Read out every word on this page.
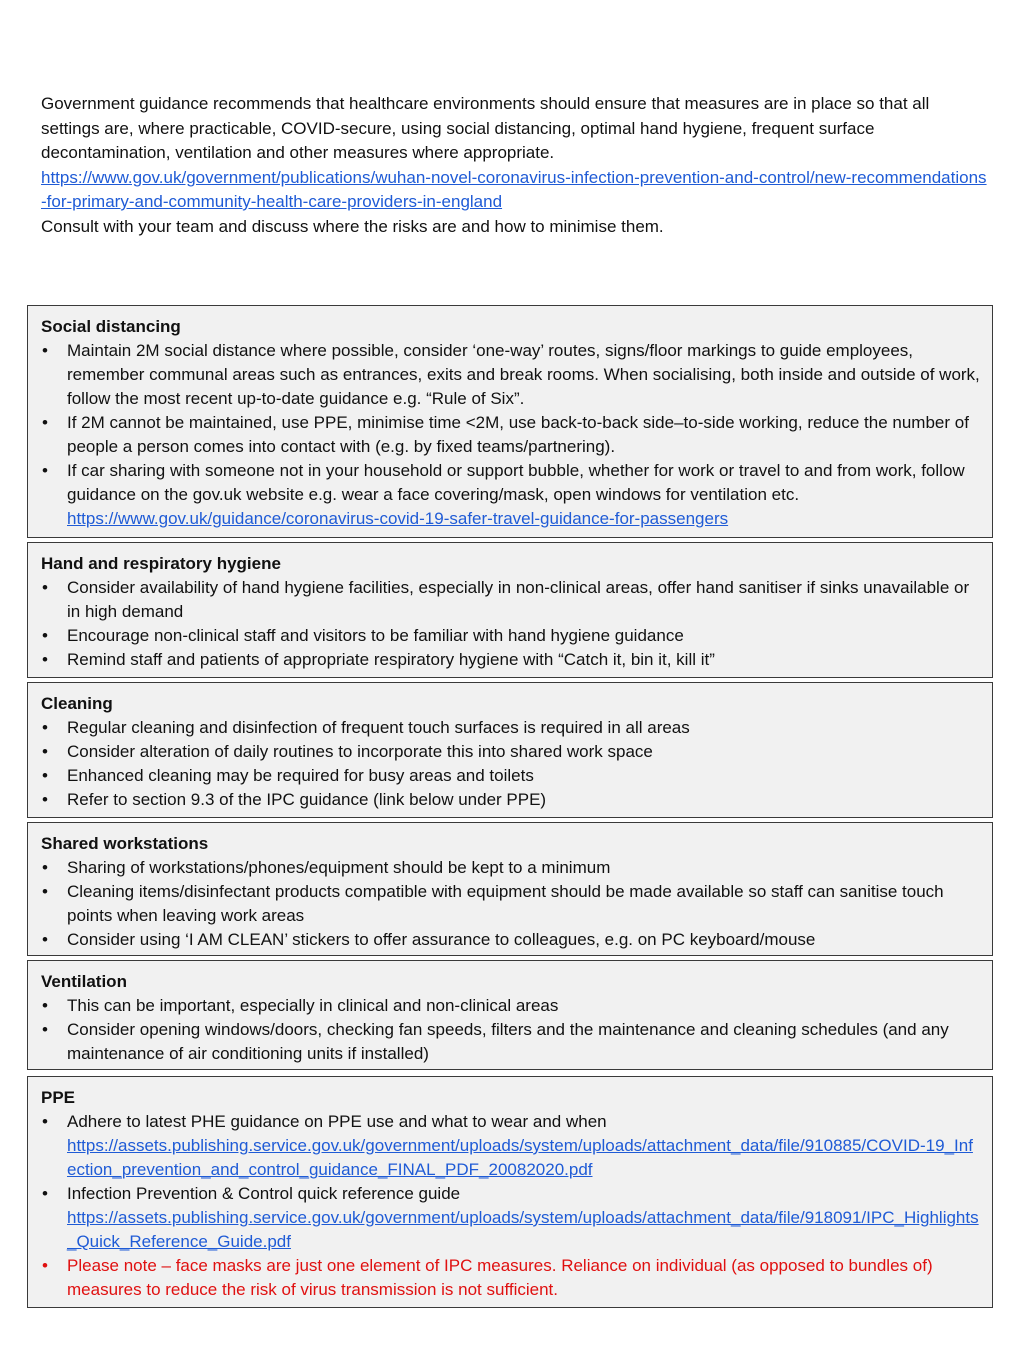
Government guidance recommends that healthcare environments should ensure that measures are in place so that all settings are, where practicable, COVID-secure, using social distancing, optimal hand hygiene, frequent surface decontamination, ventilation and other measures where appropriate.

https://www.gov.uk/government/publications/wuhan-novel-coronavirus-infection-prevention-and-control/new-recommendations-for-primary-and-community-health-care-providers-in-england

Consult with your team and discuss where the risks are and how to minimise them.

Social distancing
• Maintain 2M social distance where possible, consider ‘one-way’ routes, signs/floor markings to guide employees, remember communal areas such as entrances, exits and break rooms. When socialising, both inside and outside of work, follow the most recent up-to-date guidance e.g. “Rule of Six”.
• If 2M cannot be maintained, use PPE, minimise time <2M, use back-to-back side–to-side working, reduce the number of people a person comes into contact with (e.g. by fixed teams/partnering).
• If car sharing with someone not in your household or support bubble, whether for work or travel to and from work, follow guidance on the gov.uk website e.g. wear a face covering/mask, open windows for ventilation etc.
https://www.gov.uk/guidance/coronavirus-covid-19-safer-travel-guidance-for-passengers
Hand and respiratory hygiene
• Consider availability of hand hygiene facilities, especially in non-clinical areas, offer hand sanitiser if sinks unavailable or in high demand
• Encourage non-clinical staff and visitors to be familiar with hand hygiene guidance
• Remind staff and patients of appropriate respiratory hygiene with “Catch it, bin it, kill it”
Cleaning
• Regular cleaning and disinfection of frequent touch surfaces is required in all areas
• Consider alteration of daily routines to incorporate this into shared work space
• Enhanced cleaning may be required for busy areas and toilets
• Refer to section 9.3 of the IPC guidance (link below under PPE)
Shared workstations
• Sharing of workstations/phones/equipment should be kept to a minimum
• Cleaning items/disinfectant products compatible with equipment should be made available so staff can sanitise touch points when leaving work areas
• Consider using ‘I AM CLEAN’ stickers to offer assurance to colleagues, e.g. on PC keyboard/mouse
Ventilation
• This can be important, especially in clinical and non-clinical areas
• Consider opening windows/doors, checking fan speeds, filters and the maintenance and cleaning schedules (and any maintenance of air conditioning units if installed)
PPE
• Adhere to latest PHE guidance on PPE use and what to wear and when
https://assets.publishing.service.gov.uk/government/uploads/system/uploads/attachment_data/file/910885/COVID-19_Infection_prevention_and_control_guidance_FINAL_PDF_20082020.pdf
• Infection Prevention & Control quick reference guide
https://assets.publishing.service.gov.uk/government/uploads/system/uploads/attachment_data/file/918091/IPC_Highlights_Quick_Reference_Guide.pdf
• Please note – face masks are just one element of IPC measures. Reliance on individual (as opposed to bundles of) measures to reduce the risk of virus transmission is not sufficient.
